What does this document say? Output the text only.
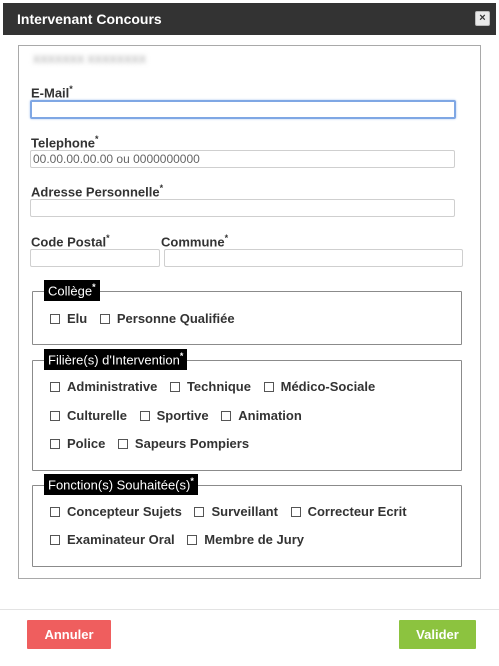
Intervenant Concours	×
XXXXXXX XXXXXXXX
E-Mail*
Telephone*
00.00.00.00.00 ou 0000000000
Adresse Personnelle*
Code Postal*	Commune*
Collège*
Elu
Personne Qualifiée
Filière(s) d'Intervention*
Administrative
Technique
Médico-Sociale
Culturelle
Sportive
Animation
Police
Sapeurs Pompiers
Fonction(s) Souhaitée(s)*
Concepteur Sujets
Surveillant
Correcteur Ecrit
Examinateur Oral
Membre de Jury
Annuler	Valider
